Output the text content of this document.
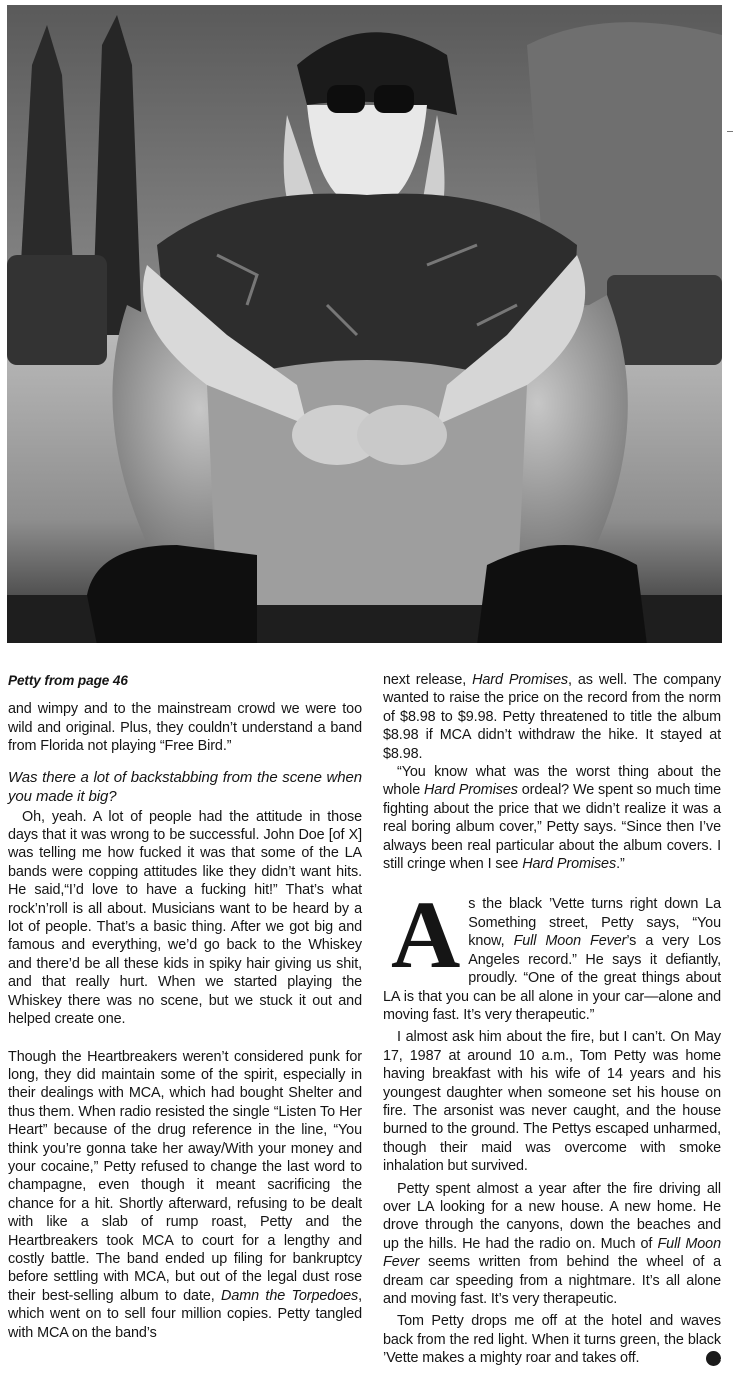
Petty from page 46

and wimpy and to the mainstream crowd we were too wild and original. Plus, they couldn’t understand a band from Florida not playing “Free Bird.”

Was there a lot of backstabbing from the scene when you made it big?

Oh, yeah. A lot of people had the attitude in those days that it was wrong to be successful. John Doe [of X] was telling me how fucked it was that some of the LA bands were copping attitudes like they didn’t want hits. He said,“I’d love to have a fucking hit!” That’s what rock’n’roll is all about. Musicians want to be heard by a lot of people. That’s a basic thing. After we got big and famous and everything, we’d go back to the Whiskey and there’d be all these kids in spiky hair giving us shit, and that really hurt. When we started playing the Whiskey there was no scene, but we stuck it out and helped create one.

Though the Heartbreakers weren’t considered punk for long, they did maintain some of the spirit, especially in their dealings with MCA, which had bought Shelter and thus them. When radio resisted the single “Listen To Her Heart” because of the drug reference in the line, “You think you’re gonna take her away/With your money and your cocaine,” Petty refused to change the last word to champagne, even though it meant sacrificing the chance for a hit. Shortly afterward, refusing to be dealt with like a slab of rump roast, Petty and the Heartbreakers took MCA to court for a lengthy and costly battle. The band ended up filing for bankruptcy before settling with MCA, but out of the legal dust rose their best-selling album to date, Damn the Torpedoes, which went on to sell four million copies. Petty tangled with MCA on the band’s

next release, Hard Promises, as well. The company wanted to raise the price on the record from the norm of $8.98 to $9.98. Petty threatened to title the album $8.98 if MCA didn’t withdraw the hike. It stayed at $8.98.

“You know what was the worst thing about the whole Hard Promises ordeal? We spent so much time fighting about the price that we didn’t realize it was a real boring album cover,” Petty says. “Since then I’ve always been real particular about the album covers. I still cringe when I see Hard Promises.”

A s the black ’Vette turns right down La Something street, Petty says, “You know, Full Moon Fever’s a very Los Angeles record.” He says it defiantly, proudly. “One of the great things about LA is that you can be all alone in your car—alone and moving fast. It’s very therapeutic.”

I almost ask him about the fire, but I can’t. On May 17, 1987 at around 10 a.m., Tom Petty was home having breakfast with his wife of 14 years and his youngest daughter when someone set his house on fire. The arsonist was never caught, and the house burned to the ground. The Pettys escaped unharmed, though their maid was overcome with smoke inhalation but survived.

Petty spent almost a year after the fire driving all over LA looking for a new house. A new home. He drove through the canyons, down the beaches and up the hills. He had the radio on. Much of Full Moon Fever seems written from behind the wheel of a dream car speeding from a nightmare. It’s all alone and moving fast. It’s very therapeutic.

Tom Petty drops me off at the hotel and waves back from the red light. When it turns green, the black ’Vette makes a mighty roar and takes off.	S
